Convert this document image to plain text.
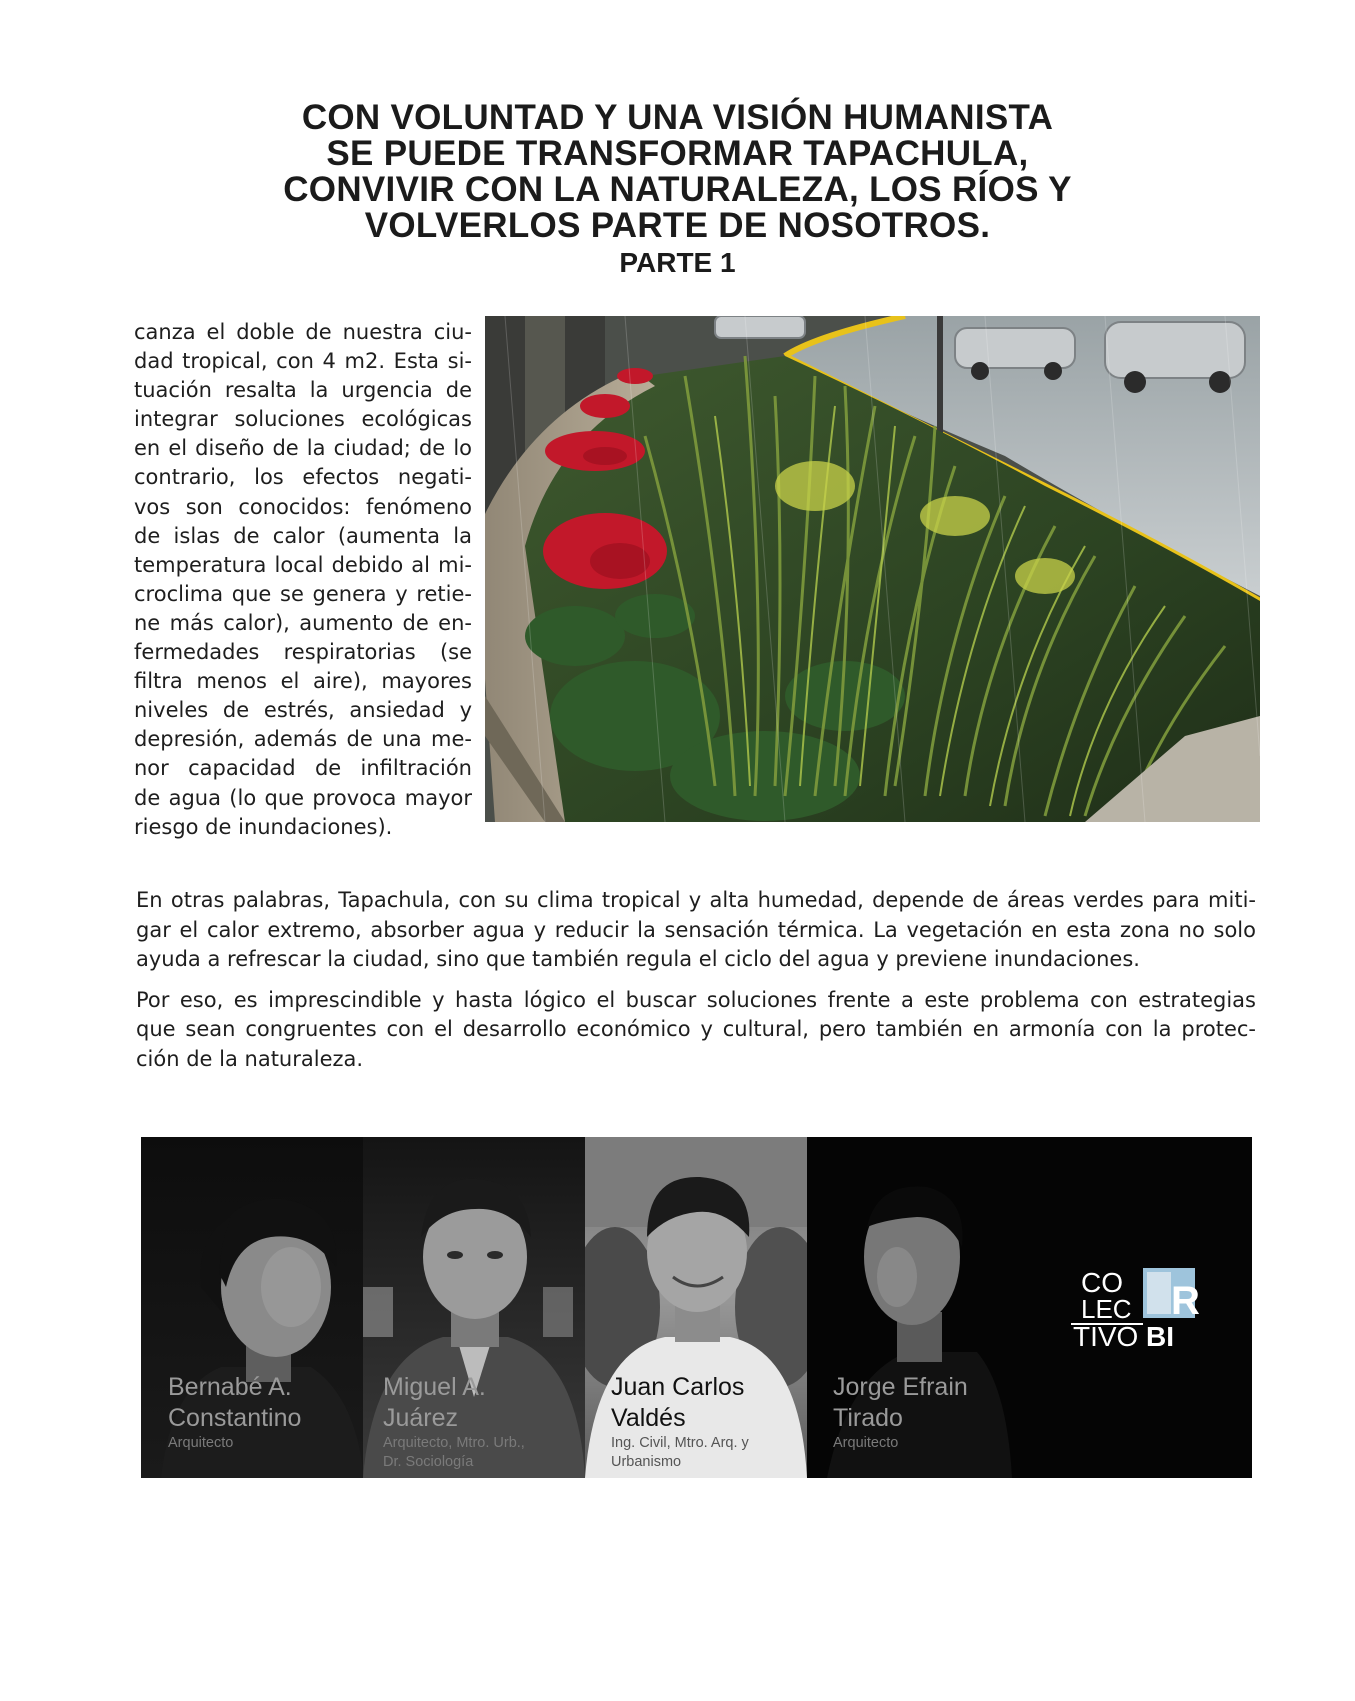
CON VOLUNTAD Y UNA VISIÓN HUMANISTA
SE PUEDE TRANSFORMAR TAPACHULA,
CONVIVIR CON LA NATURALEZA, LOS RÍOS Y
VOLVERLOS PARTE DE NOSOTROS.
PARTE 1
canza el doble de nuestra ciu-
dad tropical, con 4 m2. Esta si-
tuación resalta la urgencia de
integrar soluciones ecológicas
en el diseño de la ciudad; de lo
contrario, los efectos negati-
vos son conocidos: fenómeno
de islas de calor (aumenta la
temperatura local debido al mi-
croclima que se genera y retie-
ne más calor), aumento de en-
fermedades respiratorias (se
filtra menos el aire), mayores
niveles de estrés, ansiedad y
depresión, además de una me-
nor capacidad de infiltración
de agua (lo que provoca mayor
riesgo de inundaciones).
En otras palabras, Tapachula, con su clima tropical y alta humedad, depende de áreas verdes para miti-
gar el calor extremo, absorber agua y reducir la sensación térmica. La vegetación en esta zona no solo
ayuda a refrescar la ciudad, sino que también regula el ciclo del agua y previene inundaciones.
Por eso, es imprescindible y hasta lógico el buscar soluciones frente a este problema con estrategias
que sean congruentes con el desarrollo económico y cultural, pero también en armonía con la protec-
ción de la naturaleza.
Bernabé A.
Constantino
Arquitecto
Miguel A.
Juárez
Arquitecto, Mtro. Urb.,
Dr. Sociología
Juan Carlos
Valdés
Ing. Civil, Mtro. Arq. y
Urbanismo
Jorge Efrain
Tirado
Arquitecto
CO
LEC
TIVO BI
R
